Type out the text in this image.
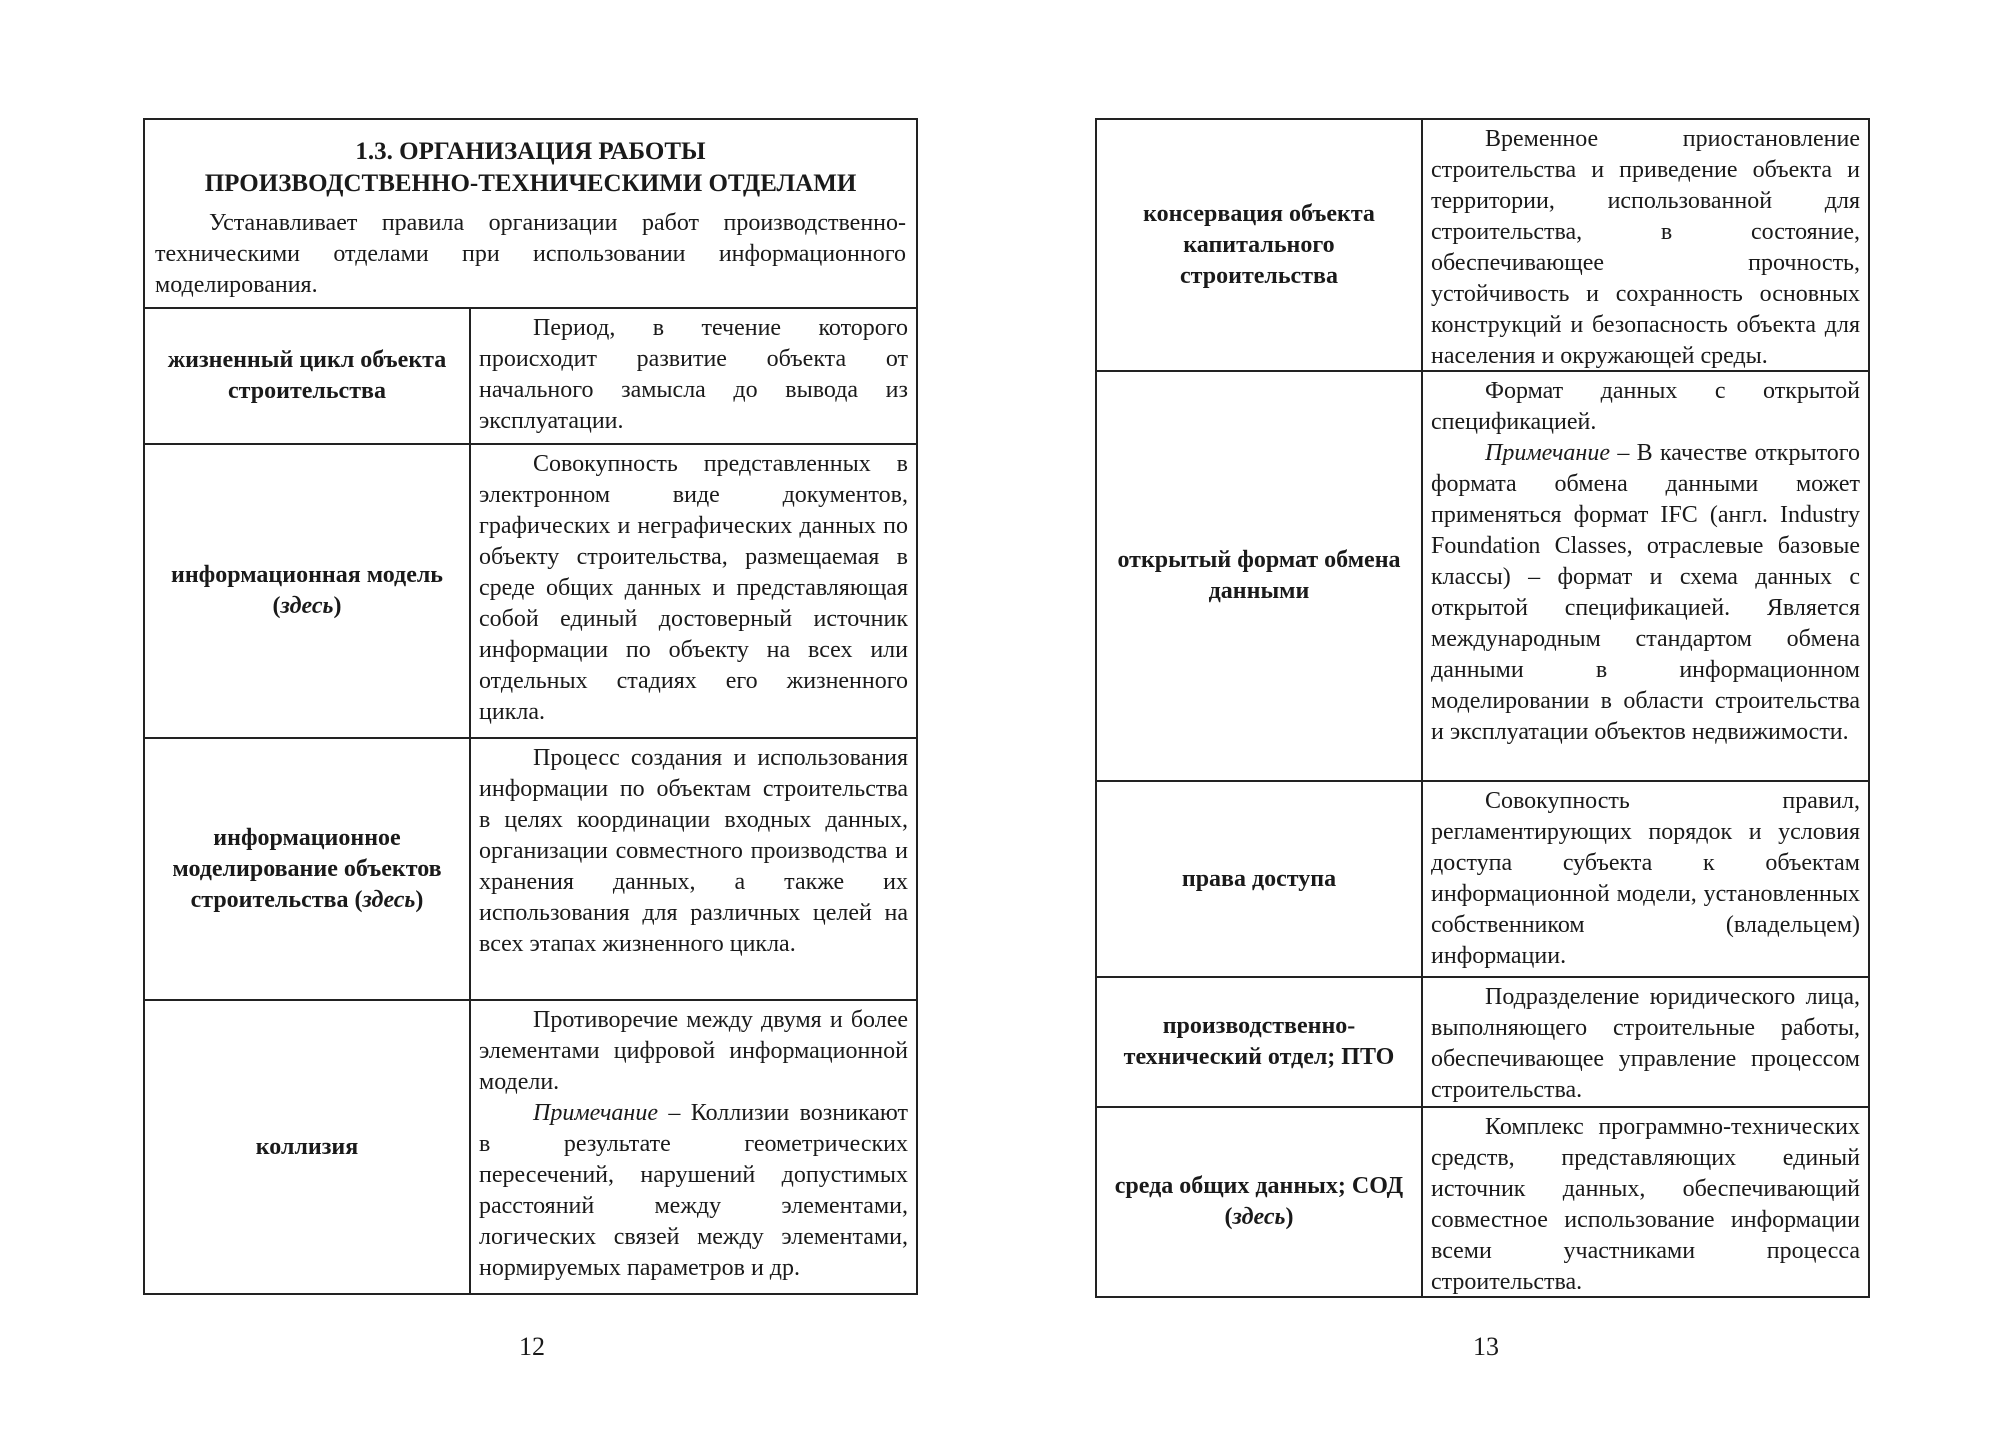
1.3. ОРГАНИЗАЦИЯ РАБОТЫ
ПРОИЗВОДСТВЕННО-ТЕХНИЧЕСКИМИ ОТДЕЛАМИ

Устанавливает правила организации работ производственно-техническими отделами при использовании информационного моделирования.

жизненный цикл объекта строительства

Период, в течение которого происходит развитие объекта от начального замысла до вывода из эксплуатации.

информационная модель (здесь)

Совокупность представленных в электронном виде документов, графических и неграфических данных по объекту строительства, размещаемая в среде общих данных и представляющая собой единый достоверный источник информации по объекту на всех или отдельных стадиях его жизненного цикла.

информационное моделирование объектов строительства (здесь)

Процесс создания и использования информации по объектам строительства в целях координации входных данных, организации совместного производства и хранения данных, а также их использования для различных целей на всех этапах жизненного цикла.

коллизия

Противоречие между двумя и более элементами цифровой информационной модели.

Примечание – Коллизии возникают в результате геометрических пересечений, нарушений допустимых расстояний между элементами, логических связей между элементами, нормируемых параметров и др.

12
консервация объекта капитального строительства

Временное приостановление строительства и приведение объекта и территории, использованной для строительства, в состояние, обеспечивающее прочность, устойчивость и сохранность основных конструкций и безопасность объекта для населения и окружающей среды.

открытый формат обмена данными

Формат данных с открытой спецификацией.

Примечание – В качестве открытого формата обмена данными может применяться формат IFC (англ. Industry Foundation Classes, отраслевые базовые классы) – формат и схема данных с открытой спецификацией. Является международным стандартом обмена данными в информационном моделировании в области строительства и эксплуатации объектов недвижимости.

права доступа

Совокупность правил, регламентирующих порядок и условия доступа субъекта к объектам информационной модели, установленных собственником (владельцем) информации.

производственно-технический отдел; ПТО

Подразделение юридического лица, выполняющего строительные работы, обеспечивающее управление процессом строительства.

среда общих данных; СОД (здесь)

Комплекс программно-технических средств, представляющих единый источник данных, обеспечивающий совместное использование информации всеми участниками процесса строительства.

13
